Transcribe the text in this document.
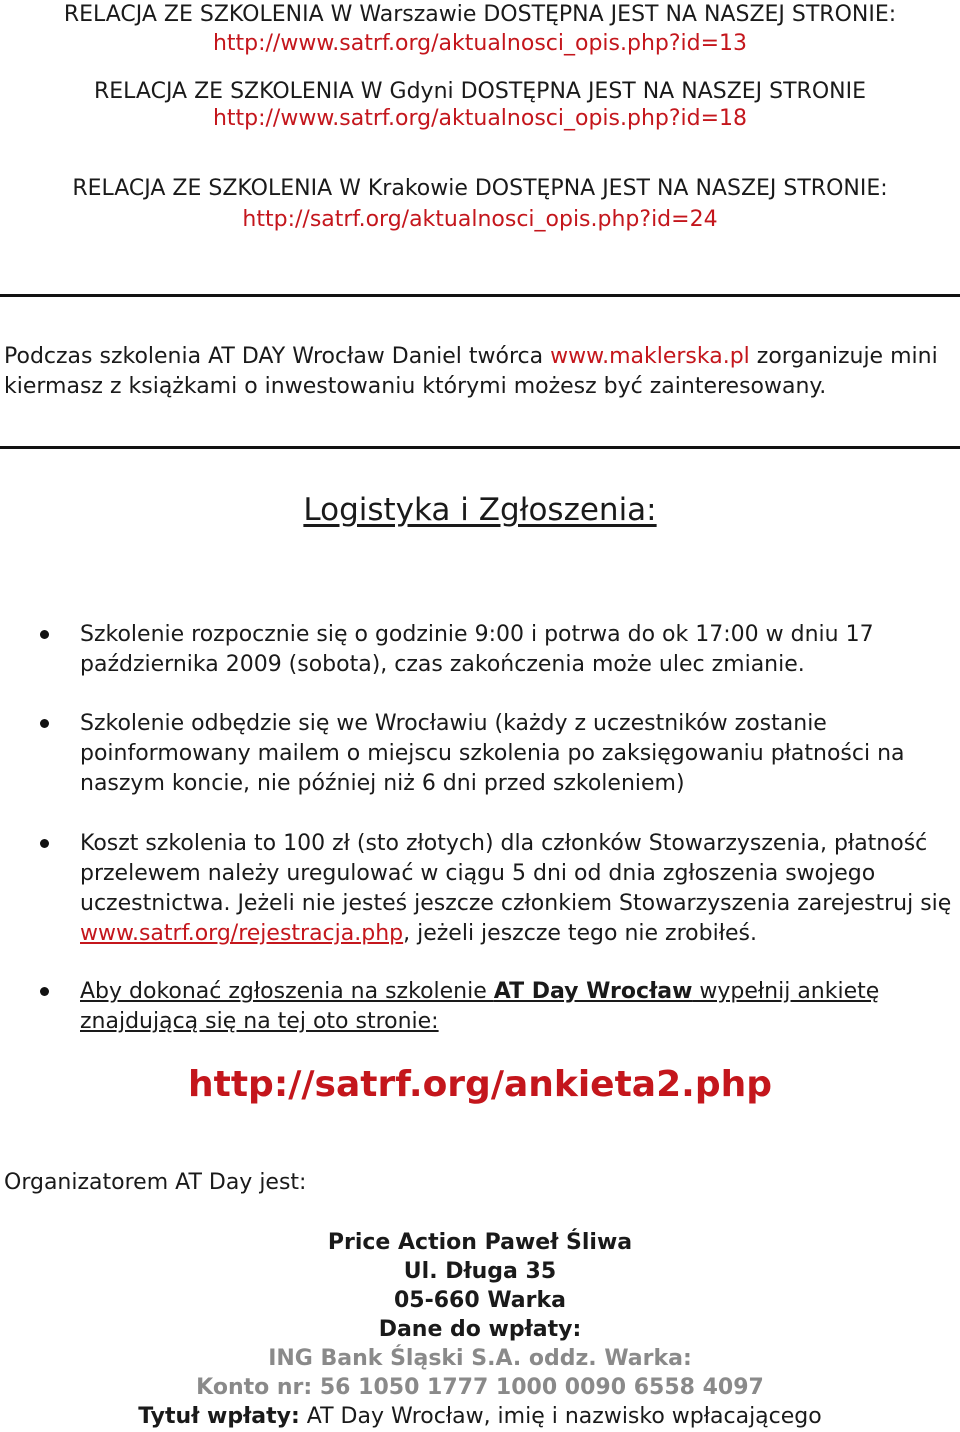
RELACJA ZE SZKOLENIA W Warszawie DOSTĘPNA JEST NA NASZEJ STRONIE:
http://www.satrf.org/aktualnosci_opis.php?id=13
RELACJA ZE SZKOLENIA W Gdyni DOSTĘPNA JEST NA NASZEJ STRONIE
http://www.satrf.org/aktualnosci_opis.php?id=18
RELACJA ZE SZKOLENIA W Krakowie DOSTĘPNA JEST NA NASZEJ STRONIE:
http://satrf.org/aktualnosci_opis.php?id=24
Podczas szkolenia AT DAY Wrocław Daniel twórca www.maklerska.pl zorganizuje mini kiermasz z książkami o inwestowaniu którymi możesz być zainteresowany.
Logistyka i Zgłoszenia:
Szkolenie rozpocznie się o godzinie 9:00 i potrwa do ok 17:00 w dniu 17 października 2009 (sobota), czas zakończenia może ulec zmianie.
Szkolenie odbędzie się we Wrocławiu (każdy z uczestników zostanie poinformowany mailem o miejscu szkolenia po zaksięgowaniu płatności na naszym koncie, nie później niż 6 dni przed szkoleniem)
Koszt szkolenia to 100 zł (sto złotych) dla członków Stowarzyszenia, płatność przelewem należy uregulować w ciągu 5 dni od dnia zgłoszenia swojego uczestnictwa. Jeżeli nie jesteś jeszcze członkiem Stowarzyszenia zarejestruj się www.satrf.org/rejestracja.php, jeżeli jeszcze tego nie zrobiłeś.
Aby dokonać zgłoszenia na szkolenie AT Day Wrocław wypełnij ankietę znajdującą się na tej oto stronie:
http://satrf.org/ankieta2.php
Organizatorem AT Day jest:
Price Action Paweł Śliwa
Ul. Długa 35
05-660 Warka
Dane do wpłaty:
ING Bank Śląski S.A. oddz. Warka:
Konto nr: 56 1050 1777 1000 0090 6558 4097
Tytuł wpłaty: AT Day Wrocław, imię i nazwisko wpłacającego
